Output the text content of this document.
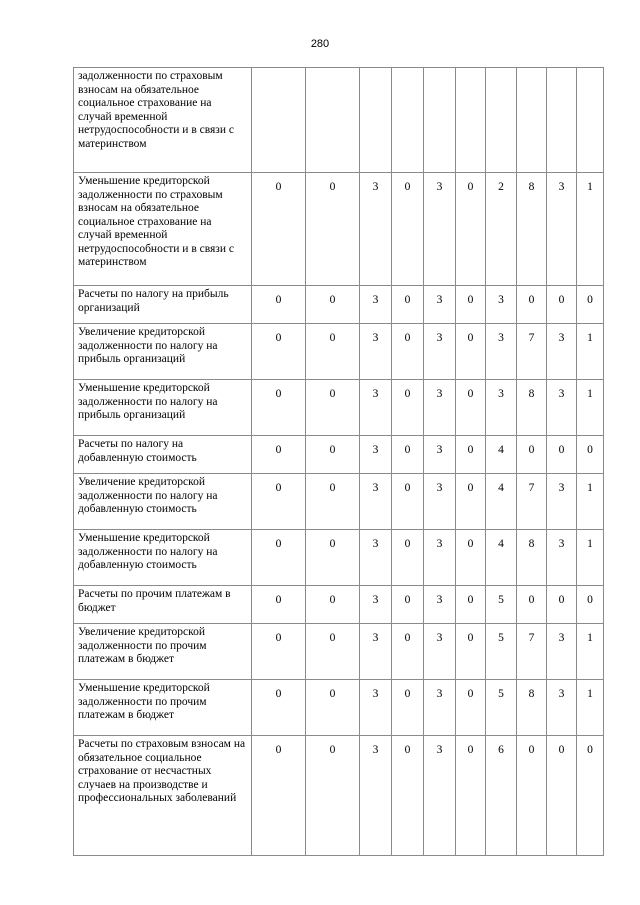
280
задолженности по страховым взносам на обязательное социальное страхование на случай временной нетрудоспособности и в связи с материнством										

Уменьшение кредиторской задолженности по страховым взносам на обязательное социальное страхование на случай временной нетрудоспособности и в связи с материнством	0	0	3	0	3	0	2	8	3	1

Расчеты по налогу на прибыль организаций	0	0	3	0	3	0	3	0	0	0

Увеличение кредиторской задолженности по налогу на прибыль организаций	0	0	3	0	3	0	3	7	3	1

Уменьшение кредиторской задолженности по налогу на прибыль организаций	0	0	3	0	3	0	3	8	3	1

Расчеты по налогу на добавленную стоимость	0	0	3	0	3	0	4	0	0	0

Увеличение кредиторской задолженности по налогу на добавленную стоимость	0	0	3	0	3	0	4	7	3	1

Уменьшение кредиторской задолженности по налогу на добавленную стоимость	0	0	3	0	3	0	4	8	3	1

Расчеты по прочим платежам в бюджет	0	0	3	0	3	0	5	0	0	0

Увеличение кредиторской задолженности по прочим платежам в бюджет	0	0	3	0	3	0	5	7	3	1

Уменьшение кредиторской задолженности по прочим платежам в бюджет	0	0	3	0	3	0	5	8	3	1

Расчеты по страховым взносам на обязательное социальное страхование от несчастных случаев на производстве и профессиональных заболеваний	0	0	3	0	3	0	6	0	0	0
